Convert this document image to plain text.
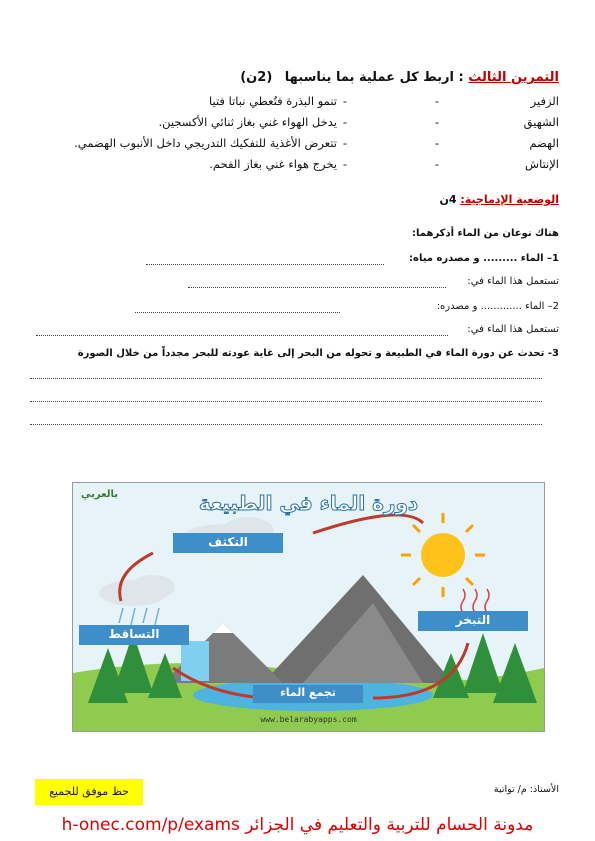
التمرين الثالث : اربط كل عملية بما يناسبها (2ن)
الزفير
-
-
تنمو البذرة فتُعطي نباتا فتيا
الشهيق
-
-
يدخل الهواء غني بغاز ثنائي الأكسجين.
الهضم
-
-
تتعرض الأغذية للتفكيك التدريجي داخل الأنبوب الهضمي.
الإنتاش
-
-
يخرج هواء غني بغاز الفحم.
الوضعية الإدماجية: 4ن
هناك نوعان من الماء أذكرهما:
1– الماء ......... و مصدره مياه:
تستعمل هذا الماء في:
2– الماء ............. و مصدره:
تستعمل هذا الماء في:
3- تحدث عن دورة الماء في الطبيعة و تحوله من البحر إلى غاية عودته للبحر مجدداً من خلال الصورة
دورة الماء في الطبيعة
بالعربي
التكثف
التساقط
التبخر
تجمع الماء
www.belarabyapps.com
الأستاذ: م/ تواتية
حظ موفق للجميع
مدونة الحسام للتربية والتعليم في الجزائر h-onec.com/p/exams
